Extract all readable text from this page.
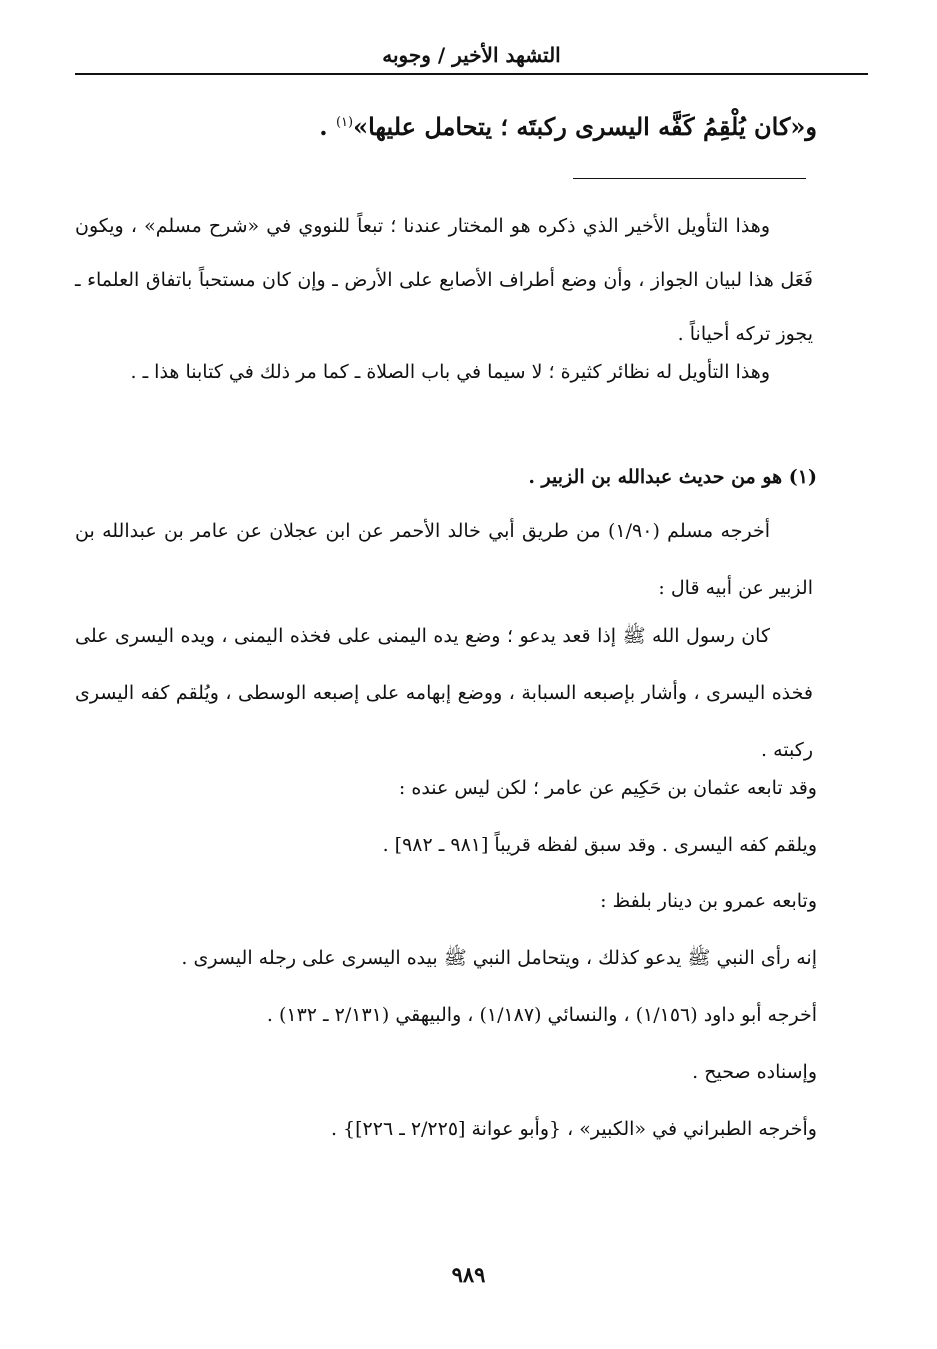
التشهد الأخير / وجوبه
و«كان يُلْقِمُ كَفَّه اليسرى ركبتَه ؛ يتحامل عليها»$^{(١)}$ .
وهذا التأويل الأخير الذي ذكره هو المختار عندنا ؛ تبعاً للنووي في «شرح مسلم» ، ويكون فَعَل هذا لبيان الجواز ، وأن وضع أطراف الأصابع على الأرض ـ وإن كان مستحباً باتفاق العلماء ـ يجوز تركه أحياناً .
وهذا التأويل له نظائر كثيرة ؛ لا سيما في باب الصلاة ـ كما مر ذلك في كتابنا هذا ـ .
(١) هو من حديث عبدالله بن الزبير .
أخرجه مسلم (١/٩٠) من طريق أبي خالد الأحمر عن ابن عجلان عن عامر بن عبدالله بن الزبير عن أبيه قال :
كان رسول الله ﷺ إذا قعد يدعو ؛ وضع يده اليمنى على فخذه اليمنى ، ويده اليسرى على فخذه اليسرى ، وأشار بإصبعه السبابة ، ووضع إبهامه على إصبعه الوسطى ، ويُلقم كفه اليسرى ركبته .
وقد تابعه عثمان بن حَكِيم عن عامر ؛ لكن ليس عنده :
ويلقم كفه اليسرى . وقد سبق لفظه قريباً [٩٨١ ـ ٩٨٢] .
وتابعه عمرو بن دينار بلفظ :
إنه رأى النبي ﷺ يدعو كذلك ، ويتحامل النبي ﷺ بيده اليسرى على رجله اليسرى .
أخرجه أبو داود (١/١٥٦) ، والنسائي (١/١٨٧) ، والبيهقي (٢/١٣١ ـ ١٣٢) .
وإسناده صحيح .
وأخرجه الطبراني في «الكبير» ، {وأبو عوانة [٢/٢٢٥ ـ ٢٢٦]} .
٩٨٩
